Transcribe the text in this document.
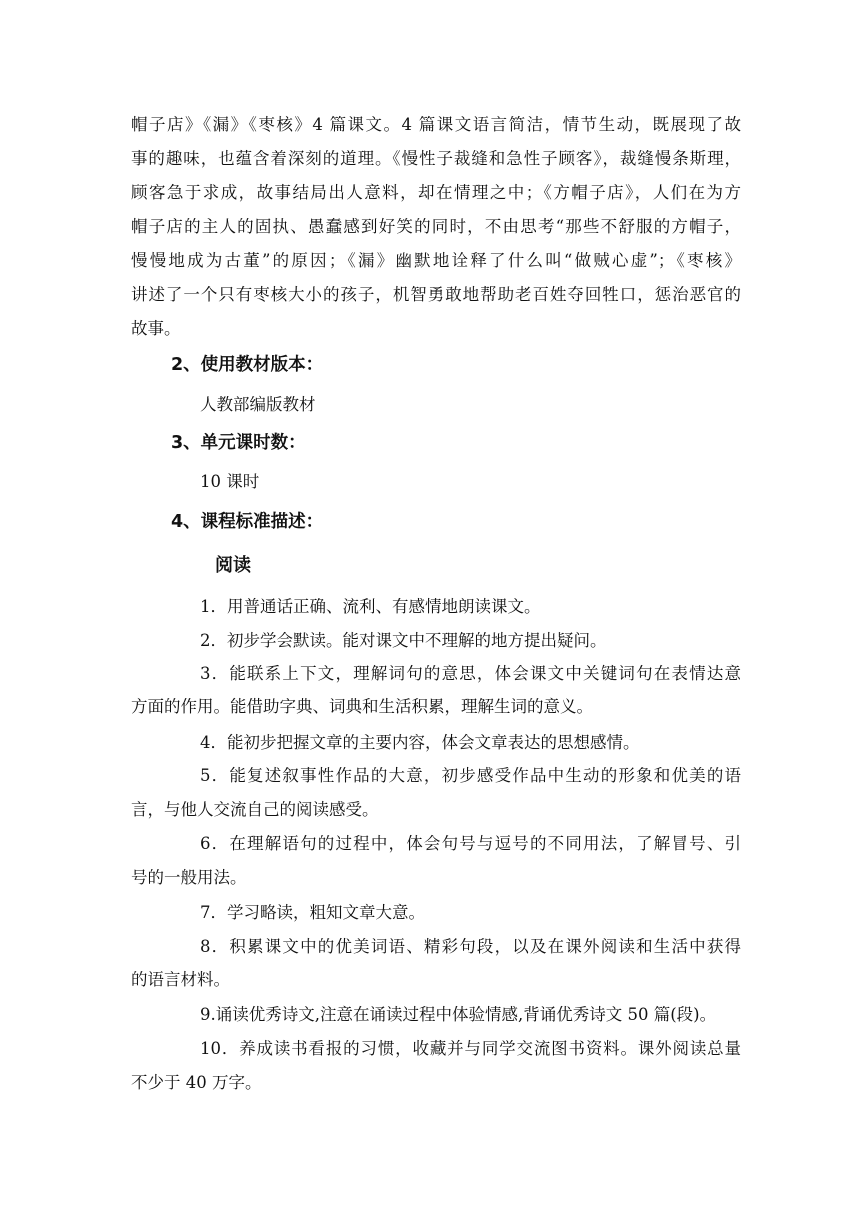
帽子店》《漏》《枣核》4 篇课文。4 篇课文语言简洁，情节生动，既展现了故
事的趣味，也蕴含着深刻的道理。《慢性子裁缝和急性子顾客》，裁缝慢条斯理，
顾客急于求成，故事结局出人意料，却在情理之中；《方帽子店》，人们在为方
帽子店的主人的固执、愚蠢感到好笑的同时，不由思考“那些不舒服的方帽子，
慢慢地成为古董”的原因；《漏》幽默地诠释了什么叫“做贼心虚”；《枣核》
讲述了一个只有枣核大小的孩子，机智勇敢地帮助老百姓夺回牲口，惩治恶官的
故事。
2、使用教材版本：
人教部编版教材
3、单元课时数：
10 课时
4、课程标准描述：
阅读
1．用普通话正确、流利、有感情地朗读课文。
2．初步学会默读。能对课文中不理解的地方提出疑问。
3．能联系上下文，理解词句的意思，体会课文中关键词句在表情达意
方面的作用。能借助字典、词典和生活积累，理解生词的意义。
4．能初步把握文章的主要内容，体会文章表达的思想感情。
5．能复述叙事性作品的大意，初步感受作品中生动的形象和优美的语
言，与他人交流自己的阅读感受。
6．在理解语句的过程中，体会句号与逗号的不同用法，了解冒号、引
号的一般用法。
7．学习略读，粗知文章大意。
8．积累课文中的优美词语、精彩句段，以及在课外阅读和生活中获得
的语言材料。
9.诵读优秀诗文,注意在诵读过程中体验情感,背诵优秀诗文 50 篇(段)。
10．养成读书看报的习惯，收藏并与同学交流图书资料。课外阅读总量
不少于 40 万字。
